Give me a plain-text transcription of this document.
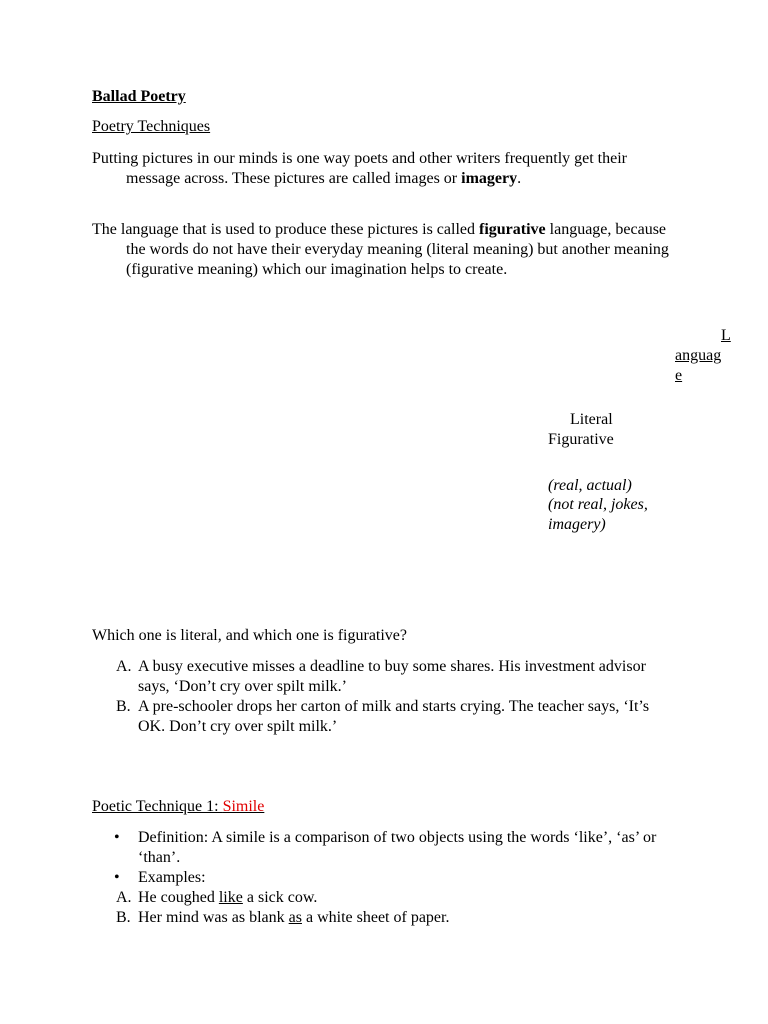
Ballad Poetry
Poetry Techniques

Putting pictures in our minds is one way poets and other writers frequently get their message across. These pictures are called images or imagery.

The language that is used to produce these pictures is called figurative language, because the words do not have their everyday meaning (literal meaning) but another meaning (figurative meaning) which our imagination helps to create.

L
anguag
e
Literal
Figurative
(real, actual)
(not real, jokes,
imagery)
Which one is literal, and which one is figurative?
A. A busy executive misses a deadline to buy some shares. His investment advisor says, ‘Don’t cry over spilt milk.’
B. A pre-schooler drops her carton of milk and starts crying. The teacher says, ‘It’s OK. Don’t cry over spilt milk.’
Poetic Technique 1: Simile
• Definition: A simile is a comparison of two objects using the words ‘like’, ‘as’ or ‘than’.
• Examples:
A. He coughed like a sick cow.
B. Her mind was as blank as a white sheet of paper.
